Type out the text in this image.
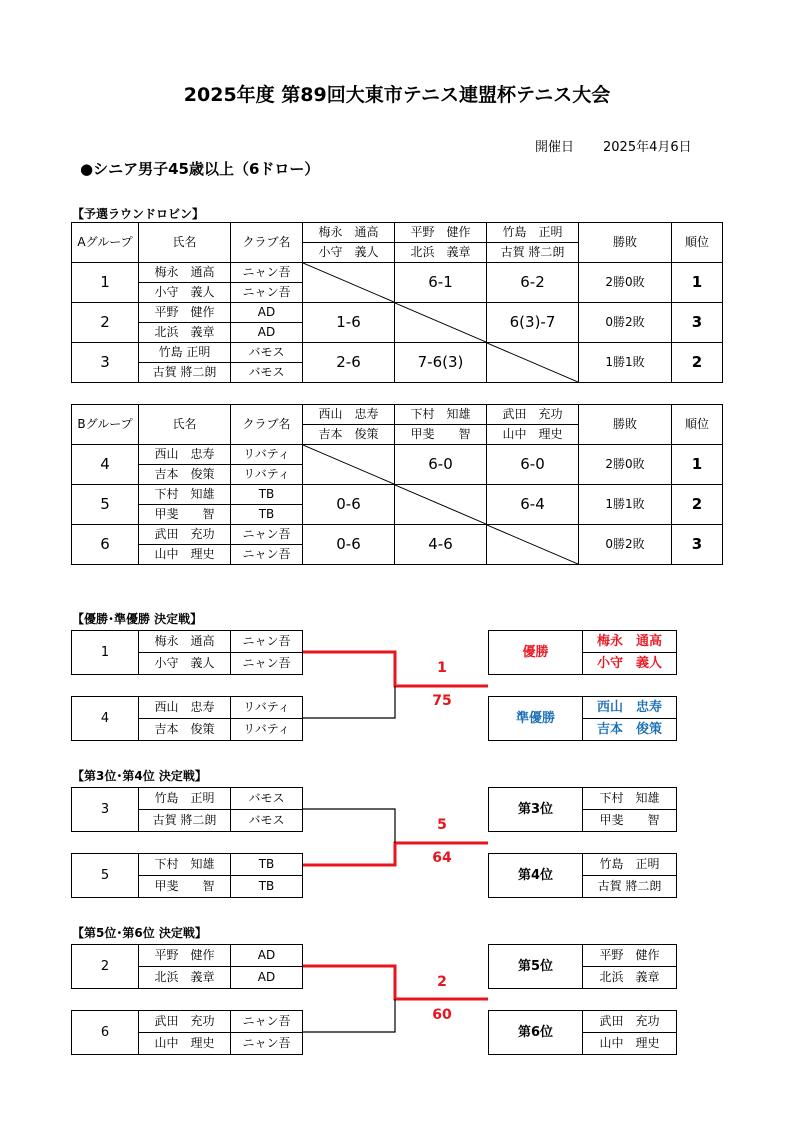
2025年度 第89回大東市テニス連盟杯テニス大会
開催日 2025年4月6日
●シニア男子45歳以上（6ドロー）
【予選ラウンドロビン】
Aグループ	氏名	クラブ名	梅永　通高	平野　健作	竹島　正明	勝敗	順位
			小守　義人	北浜　義章	古賀 將二朗		
1	梅永　通高	ニャン吾		6-1	6-2	2勝0敗	1
	小守　義人	ニャン吾					
2	平野　健作	AD	1-6		6(3)-7	0勝2敗	3
	北浜　義章	AD					
3	竹島 正明	バモス	2-6	7-6(3)		1勝1敗	2
	古賀 將二朗	バモス					
Bグループ	氏名	クラブ名	西山　忠寿	下村　知雄	武田　充功	勝敗	順位
			吉本　俊策	甲斐　　智	山中　理史		
4	西山　忠寿	リバティ		6-0	6-0	2勝0敗	1
	吉本　俊策	リバティ					
5	下村　知雄	TB	0-6		6-4	1勝1敗	2
	甲斐　　智	TB					
6	武田　充功	ニャン吾	0-6	4-6		0勝2敗	3
	山中　理史	ニャン吾					
【優勝･準優勝 決定戦】
1	梅永　通高	ニャン吾
	小守　義人	ニャン吾
4	西山　忠寿	リバティ
	吉本　俊策	リバティ
1
75
優勝	梅永　通高
小守　義人
準優勝	西山　忠寿
吉本　俊策
【第3位･第4位 決定戦】
3	竹島　正明	バモス
	古賀 將二朗	バモス
5	下村　知雄	TB
	甲斐　　智	TB
5
64
第3位	下村　知雄
甲斐　　智
第4位	竹島　正明
古賀 將二朗
【第5位･第6位 決定戦】
2	平野　健作	AD
	北浜　義章	AD
6	武田　充功	ニャン吾
	山中　理史	ニャン吾
2
60
第5位	平野　健作
北浜　義章
第6位	武田　充功
山中　理史
